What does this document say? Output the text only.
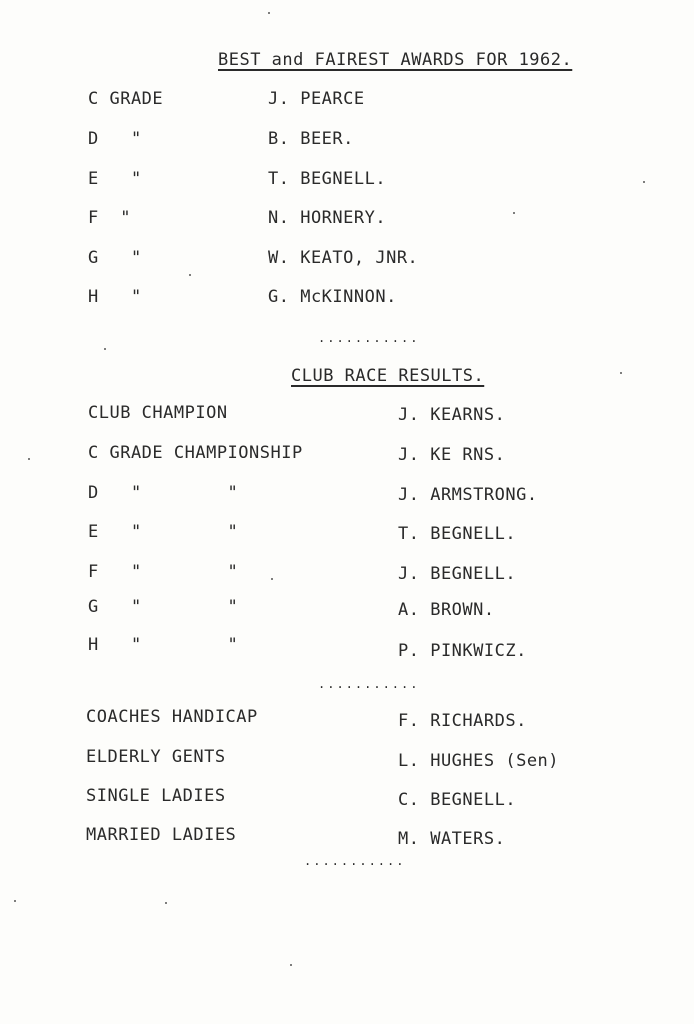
BEST and FAIREST AWARDS FOR 1962.
C GRADE	J. PEARCE
D   "	B. BEER.
E   "	T. BEGNELL.
F  "	N. HORNERY.
G   "	W. KEATO, JNR.
H   "	G. McKINNON.
...........
CLUB RACE RESULTS.
CLUB CHAMPION	J. KEARNS.
C GRADE CHAMPIONSHIP	J. KE RNS.
D   "        "	J. ARMSTRONG.
E   "        "	T. BEGNELL.
F   "        "	J. BEGNELL.
G   "        "	A. BROWN.
H   "        "	P. PINKWICZ.
...........
COACHES HANDICAP	F. RICHARDS.
ELDERLY GENTS	L. HUGHES (Sen)
SINGLE LADIES	C. BEGNELL.
MARRIED LADIES	M. WATERS.
...........
